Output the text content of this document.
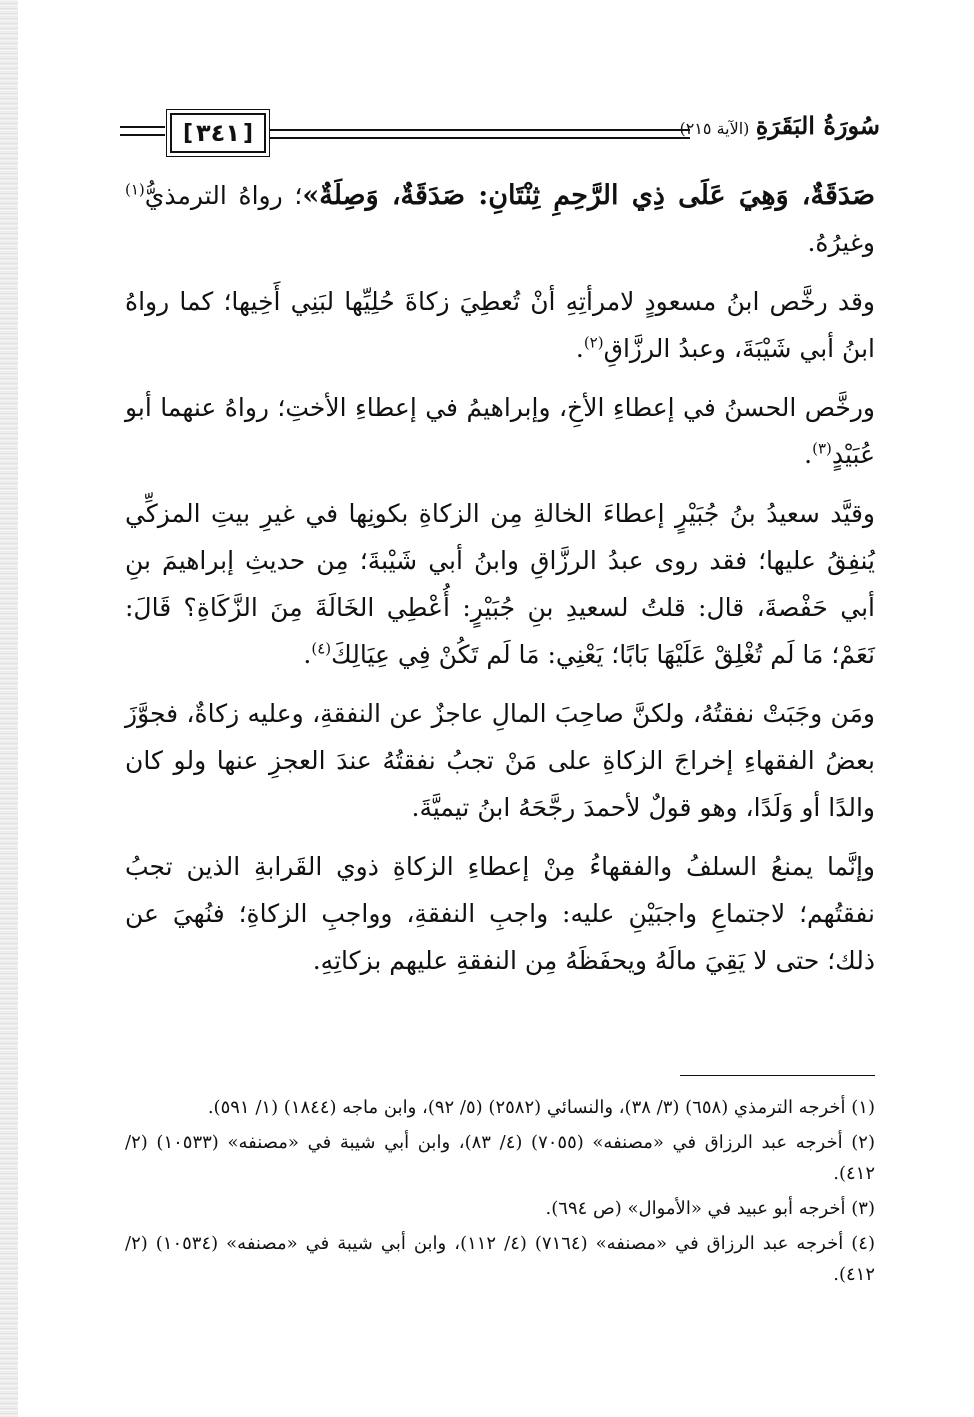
[ ٣٤١ ]	سُورَةُ البَقَرَةِ (الآية ٢١٥)

صَدَقَةٌ، وَهِيَ عَلَى ذِي الرَّحِمِ ثِنْتَانِ: صَدَقَةٌ، وَصِلَةٌ»؛ رواهُ الترمذيُّ$^{(١)}$ وغيرُهُ.

وقد رخَّص ابنُ مسعودٍ لامرأتِهِ أنْ تُعطِيَ زكاةَ حُلِيِّها لبَنِي أَخِيها؛ كما رواهُ ابنُ أبي شَيْبَةَ، وعبدُ الرزَّاقِ$^{(٢)}$.

ورخَّص الحسنُ في إعطاءِ الأخِ، وإبراهيمُ في إعطاءِ الأختِ؛ رواهُ عنهما أبو عُبَيْدٍ$^{(٣)}$.

وقيَّد سعيدُ بنُ جُبَيْرٍ إعطاءَ الخالةِ مِن الزكاةِ بكونِها في غيرِ بيتِ المزكِّي يُنفِقُ عليها؛ فقد روى عبدُ الرزَّاقِ وابنُ أبي شَيْبةَ؛ مِن حديثِ إبراهيمَ بنِ أبي حَفْصةَ، قال: قلتُ لسعيدِ بنِ جُبَيْرٍ: أُعْطِي الخَالَةَ مِنَ الزَّكَاةِ؟ قَالَ: نَعَمْ؛ مَا لَم تُغْلِقْ عَلَيْهَا بَابًا؛ يَعْنِي: مَا لَم تَكُنْ فِي عِيَالِكَ$^{(٤)}$.

ومَن وجَبَتْ نفقتُهُ، ولكنَّ صاحِبَ المالِ عاجزٌ عن النفقةِ، وعليه زكاةٌ، فجوَّزَ بعضُ الفقهاءِ إخراجَ الزكاةِ على مَنْ تجبُ نفقتُهُ عندَ العجزِ عنها ولو كان والدًا أو وَلَدًا، وهو قولٌ لأحمدَ رجَّحَهُ ابنُ تيميَّةَ.

وإنَّما يمنعُ السلفُ والفقهاءُ مِنْ إعطاءِ الزكاةِ ذوي القَرابةِ الذين تجبُ نفقتُهم؛ لاجتماعِ واجبَيْنِ عليه: واجبِ النفقةِ، وواجبِ الزكاةِ؛ فنُهيَ عن ذلك؛ حتى لا يَقِيَ مالَهُ ويحفَظَهُ مِن النفقةِ عليهم بزكاتِهِ.

(١) أخرجه الترمذي (٦٥٨) (٣/ ٣٨)، والنسائي (٢٥٨٢) (٥/ ٩٢)، وابن ماجه (١٨٤٤) (١/ ٥٩١).
(٢) أخرجه عبد الرزاق في «مصنفه» (٧٠٥٥) (٤/ ٨٣)، وابن أبي شيبة في «مصنفه» (١٠٥٣٣) (٢/ ٤١٢).
(٣) أخرجه أبو عبيد في «الأموال» (ص ٦٩٤).
(٤) أخرجه عبد الرزاق في «مصنفه» (٧١٦٤) (٤/ ١١٢)، وابن أبي شيبة في «مصنفه» (١٠٥٣٤) (٢/ ٤١٢).
